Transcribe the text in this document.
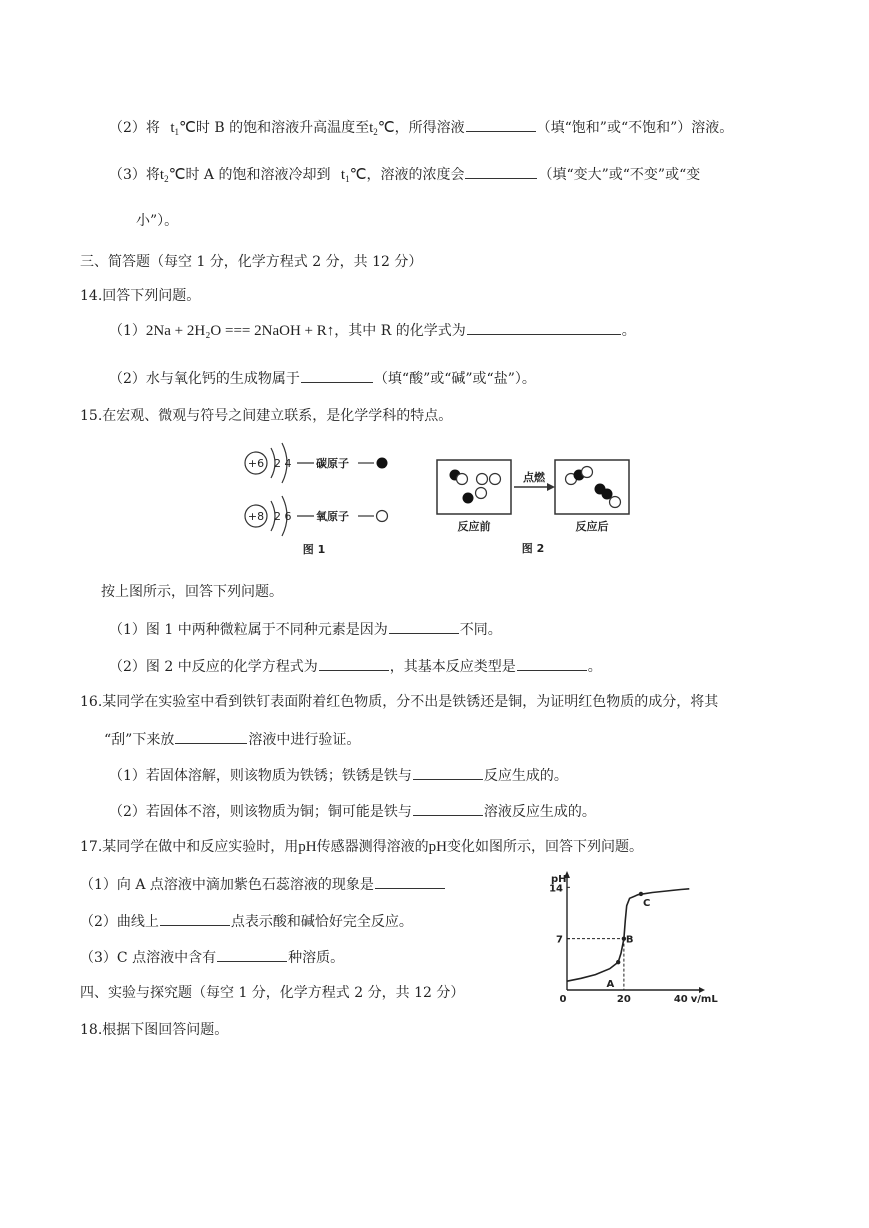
（2）将 $t_1℃$时 B 的饱和溶液升高温度至$t_2℃$，所得溶液	（填“饱和”或“不饱和”）溶液。
（3）将$t_2℃$时 A 的饱和溶液冷却到 $t_1℃$，溶液的浓度会	（填“变大”或“不变”或“变
小”）。
三、简答题（每空 1 分，化学方程式 2 分，共 12 分）
14.回答下列问题。
（1）2Na + 2H₂O === 2NaOH + R↑，其中 R 的化学式为	。
（2）水与氧化钙的生成物属于	（填“酸”或“碱”或“盐”）。
15.在宏观、微观与符号之间建立联系，是化学学科的特点。
+6 2 4 碳原子
+8 2 6 氧原子
图 1
点燃
反应前	反应后
图 2
按上图所示，回答下列问题。
（1）图 1 中两种微粒属于不同种元素是因为	不同。
（2）图 2 中反应的化学方程式为	，其基本反应类型是	。
16.某同学在实验室中看到铁钉表面附着红色物质，分不出是铁锈还是铜，为证明红色物质的成分，将其
“刮”下来放	溶液中进行验证。
（1）若固体溶解，则该物质为铁锈；铁锈是铁与	反应生成的。
（2）若固体不溶，则该物质为铜；铜可能是铁与	溶液反应生成的。
17.某同学在做中和反应实验时，用pH传感器测得溶液的pH变化如图所示，回答下列问题。
（1）向 A 点溶液中滴加紫色石蕊溶液的现象是
（2）曲线上	点表示酸和碱恰好完全反应。
（3）C 点溶液中含有	种溶质。
pH
7
14
0	20	40 v/mL
A
B
C
四、实验与探究题（每空 1 分，化学方程式 2 分，共 12 分）
18.根据下图回答问题。
